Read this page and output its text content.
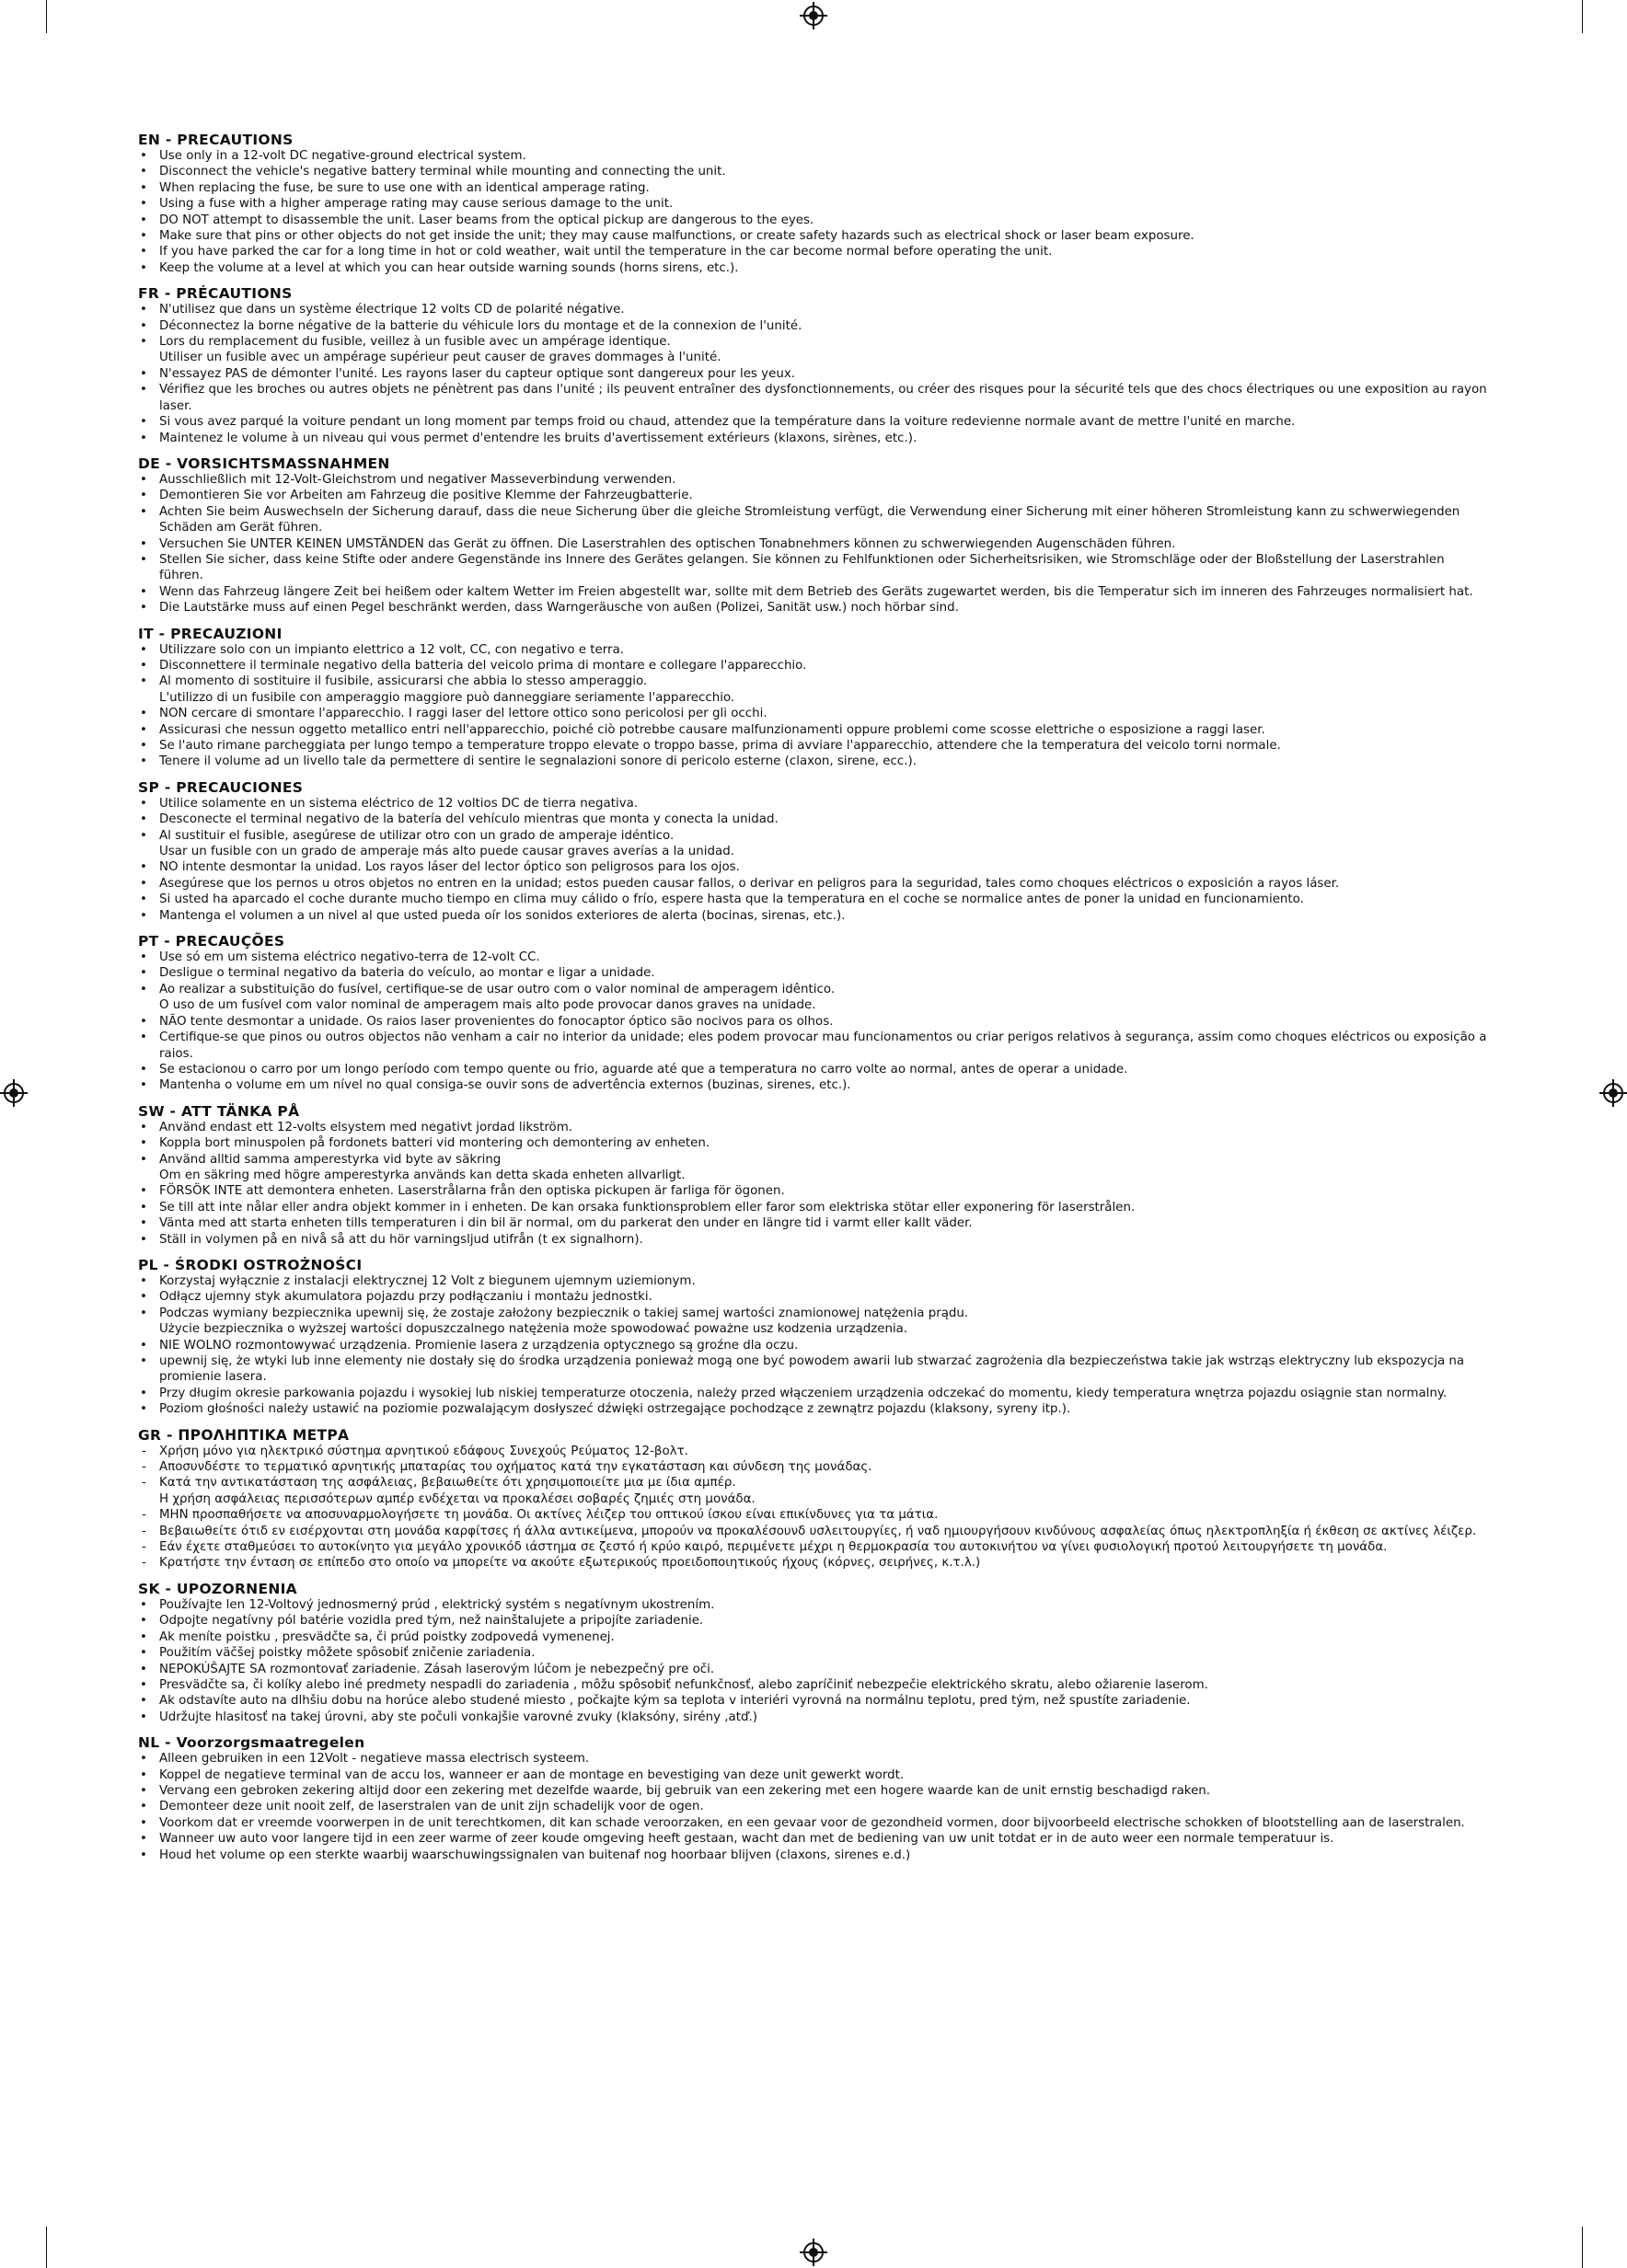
EN - PRECAUTIONS
• Use only in a 12-volt DC negative-ground electrical system.
• Disconnect the vehicle's negative battery terminal while mounting and connecting the unit.
• When replacing the fuse, be sure to use one with an identical amperage rating.
• Using a fuse with a higher amperage rating may cause serious damage to the unit.
• DO NOT attempt to disassemble the unit. Laser beams from the optical pickup are dangerous to the eyes.
• Make sure that pins or other objects do not get inside the unit; they may cause malfunctions, or create safety hazards such as electrical shock or laser beam exposure.
• If you have parked the car for a long time in hot or cold weather, wait until the temperature in the car become normal before operating the unit.
• Keep the volume at a level at which you can hear outside warning sounds (horns sirens, etc.).
FR - PRÉCAUTIONS
• N'utilisez que dans un système électrique 12 volts CD de polarité négative.
• Déconnectez la borne négative de la batterie du véhicule lors du montage et de la connexion de l'unité.
• Lors du remplacement du fusible, veillez à un fusible avec un ampérage identique.
Utiliser un fusible avec un ampérage supérieur peut causer de graves dommages à l'unité.
• N'essayez PAS de démonter l'unité. Les rayons laser du capteur optique sont dangereux pour les yeux.
• Vérifiez que les broches ou autres objets ne pénètrent pas dans l'unité ; ils peuvent entraîner des dysfonctionnements, ou créer des risques pour la sécurité tels que des chocs électriques ou une exposition au rayon laser.
• Si vous avez parqué la voiture pendant un long moment par temps froid ou chaud, attendez que la température dans la voiture redevienne normale avant de mettre l'unité en marche.
• Maintenez le volume à un niveau qui vous permet d'entendre les bruits d'avertissement extérieurs (klaxons, sirènes, etc.).
DE - VORSICHTSMASSNAHMEN
• Ausschließlich mit 12-Volt-Gleichstrom und negativer Masseverbindung verwenden.
• Demontieren Sie vor Arbeiten am Fahrzeug die positive Klemme der Fahrzeugbatterie.
• Achten Sie beim Auswechseln der Sicherung darauf, dass die neue Sicherung über die gleiche Stromleistung verfügt, die Verwendung einer Sicherung mit einer höheren Stromleistung kann zu schwerwiegenden Schäden am Gerät führen.
• Versuchen Sie UNTER KEINEN UMSTÄNDEN das Gerät zu öffnen. Die Laserstrahlen des optischen Tonabnehmers können zu schwerwiegenden Augenschäden führen.
• Stellen Sie sicher, dass keine Stifte oder andere Gegenstände ins Innere des Gerätes gelangen. Sie können zu Fehlfunktionen oder Sicherheitsrisiken, wie Stromschläge oder der Bloßstellung der Laserstrahlen führen.
• Wenn das Fahrzeug längere Zeit bei heißem oder kaltem Wetter im Freien abgestellt war, sollte mit dem Betrieb des Geräts zugewartet werden, bis die Temperatur sich im inneren des Fahrzeuges normalisiert hat.
• Die Lautstärke muss auf einen Pegel beschränkt werden, dass Warngeräusche von außen (Polizei, Sanität usw.) noch hörbar sind.
IT - PRECAUZIONI
• Utilizzare solo con un impianto elettrico a 12 volt, CC, con negativo e terra.
• Disconnettere il terminale negativo della batteria del veicolo prima di montare e collegare l'apparecchio.
• Al momento di sostituire il fusibile, assicurarsi che abbia lo stesso amperaggio.
L'utilizzo di un fusibile con amperaggio maggiore può danneggiare seriamente l'apparecchio.
• NON cercare di smontare l'apparecchio. I raggi laser del lettore ottico sono pericolosi per gli occhi.
• Assicurasi che nessun oggetto metallico entri nell'apparecchio, poiché ciò potrebbe causare malfunzionamenti oppure problemi come scosse elettriche o esposizione a raggi laser.
• Se l'auto rimane parcheggiata per lungo tempo a temperature troppo elevate o troppo basse, prima di avviare l'apparecchio, attendere che la temperatura del veicolo torni normale.
• Tenere il volume ad un livello tale da permettere di sentire le segnalazioni sonore di pericolo esterne (claxon, sirene, ecc.).
SP - PRECAUCIONES
• Utilice solamente en un sistema eléctrico de 12 voltios DC de tierra negativa.
• Desconecte el terminal negativo de la batería del vehículo mientras que monta y conecta la unidad.
• Al sustituir el fusible, asegúrese de utilizar otro con un grado de amperaje idéntico.
Usar un fusible con un grado de amperaje más alto puede causar graves averías a la unidad.
• NO intente desmontar la unidad. Los rayos láser del lector óptico son peligrosos para los ojos.
• Asegúrese que los pernos u otros objetos no entren en la unidad; estos pueden causar fallos, o derivar en peligros para la seguridad, tales como choques eléctricos o exposición a rayos láser.
• Si usted ha aparcado el coche durante mucho tiempo en clima muy cálido o frío, espere hasta que la temperatura en el coche se normalice antes de poner la unidad en funcionamiento.
• Mantenga el volumen a un nivel al que usted pueda oír los sonidos exteriores de alerta (bocinas, sirenas, etc.).
PT - PRECAUÇÕES
• Use só em um sistema eléctrico negativo-terra de 12-volt CC.
• Desligue o terminal negativo da bateria do veículo, ao montar e ligar a unidade.
• Ao realizar a substituição do fusível, certifique-se de usar outro com o valor nominal de amperagem idêntico.
O uso de um fusível com valor nominal de amperagem mais alto pode provocar danos graves na unidade.
• NÃO tente desmontar a unidade. Os raios laser provenientes do fonocaptor óptico são nocivos para os olhos.
• Certifique-se que pinos ou outros objectos não venham a cair no interior da unidade; eles podem provocar mau funcionamentos ou criar perigos relativos à segurança, assim como choques eléctricos ou exposição a raios.
• Se estacionou o carro por um longo período com tempo quente ou frio, aguarde até que a temperatura no carro volte ao normal, antes de operar a unidade.
• Mantenha o volume em um nível no qual consiga-se ouvir sons de advertência externos (buzinas, sirenes, etc.).
SW - ATT TÄNKA PÅ
• Använd endast ett 12-volts elsystem med negativt jordad likström.
• Koppla bort minuspolen på fordonets batteri vid montering och demontering av enheten.
• Använd alltid samma amperestyrka vid byte av säkring
Om en säkring med högre amperestyrka används kan detta skada enheten allvarligt.
• FÖRSÖK INTE att demontera enheten. Laserstrålarna från den optiska pickupen är farliga för ögonen.
• Se till att inte nålar eller andra objekt kommer in i enheten. De kan orsaka funktionsproblem eller faror som elektriska stötar eller exponering för laserstrålen.
• Vänta med att starta enheten tills temperaturen i din bil är normal, om du parkerat den under en längre tid i varmt eller kallt väder.
• Ställ in volymen på en nivå så att du hör varningsljud utifrån (t ex signalhorn).
PL - ŚRODKI OSTROŻNOŚCI
• Korzystaj wyłącznie z instalacji elektrycznej 12 Volt z biegunem ujemnym uziemionym.
• Odłącz ujemny styk akumulatora pojazdu przy podłączaniu i montażu jednostki.
• Podczas wymiany bezpiecznika upewnij się, że zostaje założony bezpiecznik o takiej samej wartości znamionowej natężenia prądu.
Użycie bezpiecznika o wyższej wartości dopuszczalnego natężenia może spowodować poważne usz kodzenia urządzenia.
• NIE WOLNO rozmontowywać urządzenia. Promienie lasera z urządzenia optycznego są groźne dla oczu.
• upewnij się, że wtyki lub inne elementy nie dostały się do środka urządzenia ponieważ mogą one być powodem awarii lub stwarzać zagrożenia dla bezpieczeństwa takie jak wstrząs elektryczny lub ekspozycja na promienie lasera.
• Przy długim okresie parkowania pojazdu i wysokiej lub niskiej temperaturze otoczenia, należy przed włączeniem urządzenia odczekać do momentu, kiedy temperatura wnętrza pojazdu osiągnie stan normalny.
• Poziom głośności należy ustawić na poziomie pozwalającym dosłyszeć dźwięki ostrzegające pochodzące z zewnątrz pojazdu (klaksony, syreny itp.).
GR - ΠΡΟΛΗΠΤΙΚΑ ΜΕΤΡΑ
- Χρήση μόνο για ηλεκτρικό σύστημα αρνητικού εδάφους Συνεχούς Ρεύματος 12-βολτ.
- Αποσυνδέστε το τερματικό αρνητικής μπαταρίας του οχήματος κατά την εγκατάσταση και σύνδεση της μονάδας.
- Κατά την αντικατάσταση της ασφάλειας, βεβαιωθείτε ότι χρησιμοποιείτε μια με ίδια αμπέρ.
Η χρήση ασφάλειας περισσότερων αμπέρ ενδέχεται να προκαλέσει σοβαρές ζημιές στη μονάδα.
- ΜΗΝ προσπαθήσετε να αποσυναρμολογήσετε τη μονάδα. Οι ακτίνες λέιζερ του οπτικού ίσκου είναι επικίνδυνες για τα μάτια.
- Βεβαιωθείτε ότιδ εν εισέρχονται στη μονάδα καρφίτσες ή άλλα αντικείμενα, μπορούν να προκαλέσουνδ υσλειτουργίες, ή ναδ ημιουργήσουν κινδύνους ασφαλείας όπως ηλεκτροπληξία ή έκθεση σε ακτίνες λέιζερ.
- Εάν έχετε σταθμεύσει το αυτοκίνητο για μεγάλο χρονικόδ ιάστημα σε ζεστό ή κρύο καιρό, περιμένετε μέχρι η θερμοκρασία του αυτοκινήτου να γίνει φυσιολογική προτού λειτουργήσετε τη μονάδα.
- Κρατήστε την ένταση σε επίπεδο στο οποίο να μπορείτε να ακούτε εξωτερικούς προειδοποιητικούς ήχους (κόρνες, σειρήνες, κ.τ.λ.)
SK - UPOZORNENIA
• Používajte len 12-Voltový jednosmerný prúd , elektrický systém s negatívnym ukostrením.
• Odpojte negatívny pól batérie vozidla pred tým, než nainštalujete a pripojíte zariadenie.
• Ak meníte poistku , presvädčte sa, či prúd poistky zodpovedá vymenenej.
• Použitím väčšej poistky môžete spôsobiť zničenie zariadenia.
• NEPOKÚŠAJTE SA rozmontovať zariadenie. Zásah laserovým lúčom je nebezpečný pre oči.
• Presvädčte sa, či kolíky alebo iné predmety nespadli do zariadenia , môžu spôsobiť nefunkčnosť, alebo zapríčiniť nebezpečie elektrického skratu, alebo ožiarenie laserom.
• Ak odstavíte auto na dlhšiu dobu na horúce alebo studené miesto , počkajte kým sa teplota v interiéri vyrovná na normálnu teplotu, pred tým, než spustíte zariadenie.
• Udržujte hlasitosť na takej úrovni, aby ste počuli vonkajšie varovné zvuky (klaksóny, sirény ,atď.)
NL - Voorzorgsmaatregelen
• Alleen gebruiken in een 12Volt - negatieve massa electrisch systeem.
• Koppel de negatieve terminal van de accu los, wanneer er aan de montage en bevestiging van deze unit gewerkt wordt.
• Vervang een gebroken zekering altijd door een zekering met dezelfde waarde, bij gebruik van een zekering met een hogere waarde kan de unit ernstig beschadigd raken.
• Demonteer deze unit nooit zelf, de laserstralen van de unit zijn schadelijk voor de ogen.
• Voorkom dat er vreemde voorwerpen in de unit terechtkomen, dit kan schade veroorzaken, en een gevaar voor de gezondheid vormen, door bijvoorbeeld electrische schokken of blootstelling aan de laserstralen.
• Wanneer uw auto voor langere tijd in een zeer warme of zeer koude omgeving heeft gestaan, wacht dan met de bediening van uw unit totdat er in de auto weer een normale temperatuur is.
• Houd het volume op een sterkte waarbij waarschuwingssignalen van buitenaf nog hoorbaar blijven (claxons, sirenes e.d.)
